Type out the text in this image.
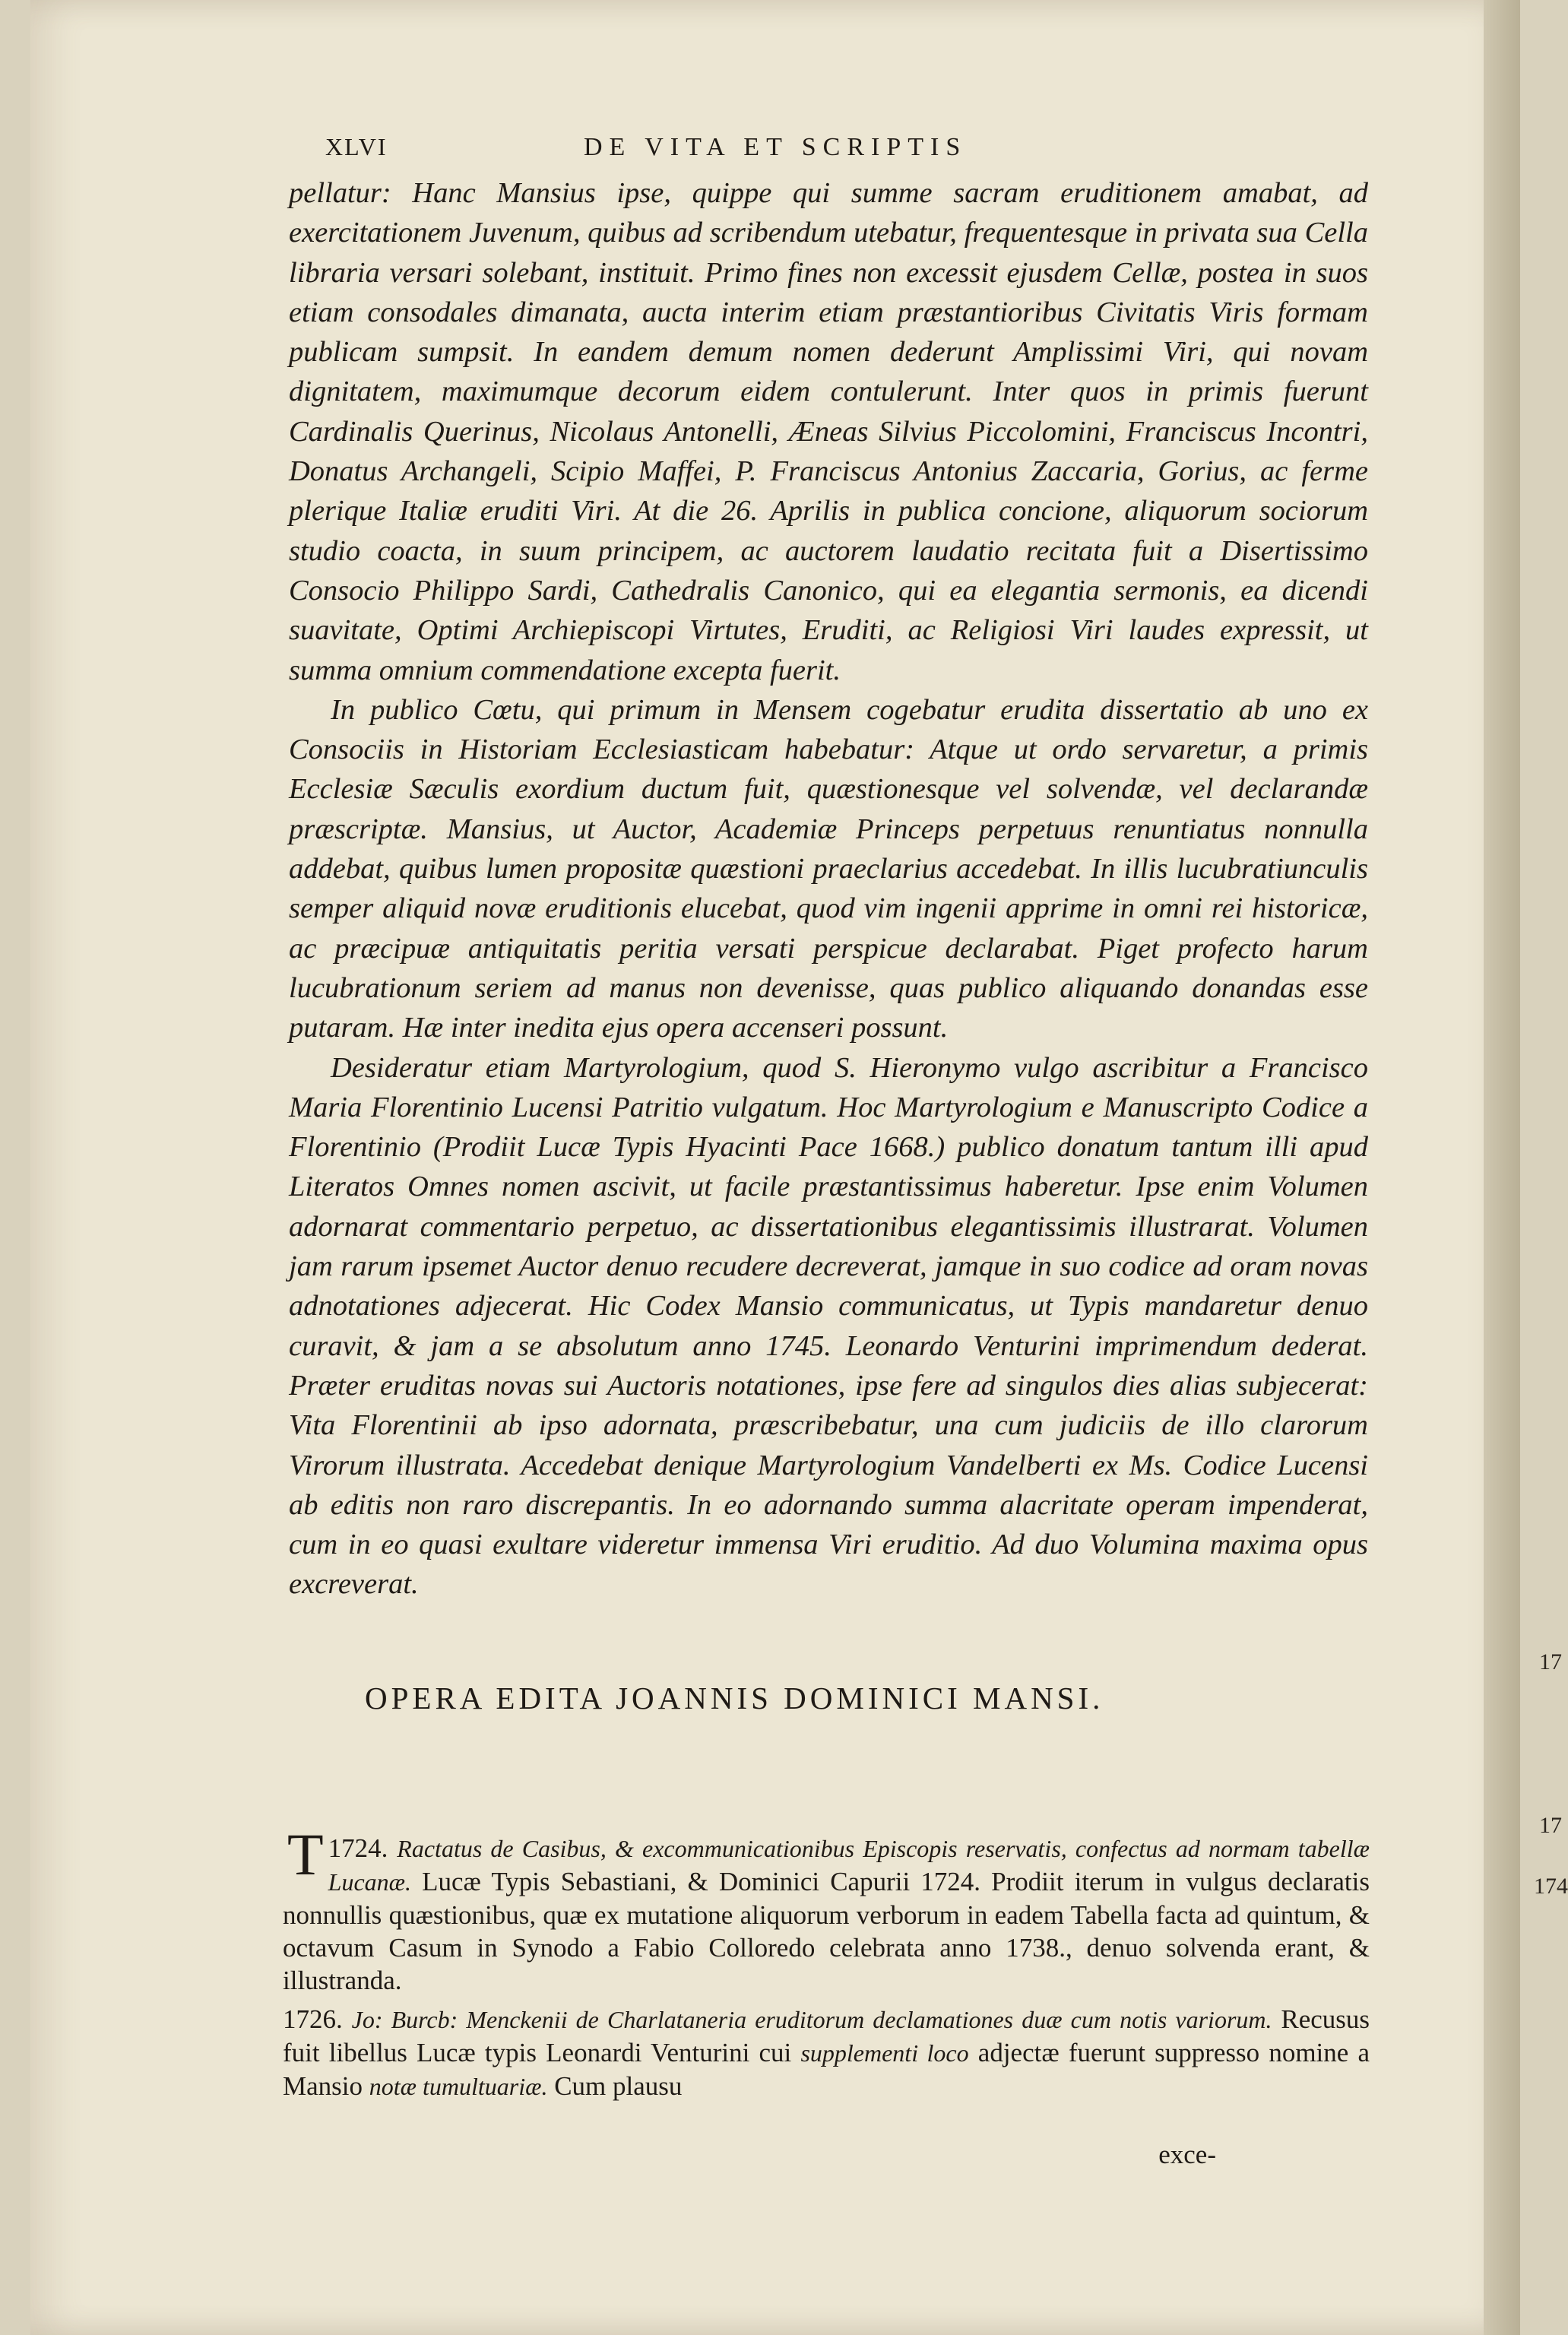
XLVI	DE VITA ET SCRIPTIS

pellatur: Hanc Mansius ipse, quippe qui summe sacram eruditionem amabat, ad exercitationem Juvenum, quibus ad scribendum utebatur, frequentesque in privata sua Cella libraria versari solebant, instituit. Primo fines non excessit ejusdem Cellæ, postea in suos etiam consodales dimanata, aucta interim etiam præstantioribus Civitatis Viris formam publicam sumpsit. In eandem demum nomen dederunt Amplissimi Viri, qui novam dignitatem, maximumque decorum eidem contulerunt. Inter quos in primis fuerunt Cardinalis Querinus, Nicolaus Antonelli, Æneas Silvius Piccolomini, Franciscus Incontri, Donatus Archangeli, Scipio Maffei, P. Franciscus Antonius Zaccaria, Gorius, ac ferme plerique Italiæ eruditi Viri. At die 26. Aprilis in publica concione, aliquorum sociorum studio coacta, in suum principem, ac auctorem laudatio recitata fuit a Disertissimo Consocio Philippo Sardi, Cathedralis Canonico, qui ea elegantia sermonis, ea dicendi suavitate, Optimi Archiepiscopi Virtutes, Eruditi, ac Religiosi Viri laudes expressit, ut summa omnium commendatione excepta fuerit.

In publico Cœtu, qui primum in Mensem cogebatur erudita dissertatio ab uno ex Consociis in Historiam Ecclesiasticam habebatur: Atque ut ordo servaretur, a primis Ecclesiæ Sæculis exordium ductum fuit, quæstionesque vel solvendæ, vel declarandæ præscriptæ. Mansius, ut Auctor, Academiæ Princeps perpetuus renuntiatus nonnulla addebat, quibus lumen propositæ quæstioni praeclarius accedebat. In illis lucubratiunculis semper aliquid novæ eruditionis elucebat, quod vim ingenii apprime in omni rei historicæ, ac præcipuæ antiquitatis peritia versati perspicue declarabat. Piget profecto harum lucubrationum seriem ad manus non devenisse, quas publico aliquando donandas esse putaram. Hæ inter inedita ejus opera accenseri possunt.

Desideratur etiam Martyrologium, quod S. Hieronymo vulgo ascribitur a Francisco Maria Florentinio Lucensi Patritio vulgatum. Hoc Martyrologium e Manuscripto Codice a Florentinio (Prodiit Lucæ Typis Hyacinti Pace 1668.) publico donatum tantum illi apud Literatos Omnes nomen ascivit, ut facile præstantissimus haberetur. Ipse enim Volumen adornarat commentario perpetuo, ac dissertationibus elegantissimis illustrarat. Volumen jam rarum ipsemet Auctor denuo recudere decreverat, jamque in suo codice ad oram novas adnotationes adjecerat. Hic Codex Mansio communicatus, ut Typis mandaretur denuo curavit, & jam a se absolutum anno 1745. Leonardo Venturini imprimendum dederat. Præter eruditas novas sui Auctoris notationes, ipse fere ad singulos dies alias subjecerat: Vita Florentinii ab ipso adornata, præscribebatur, una cum judiciis de illo clarorum Virorum illustrata. Accedebat denique Martyrologium Vandelberti ex Ms. Codice Lucensi ab editis non raro discrepantis. In eo adornando summa alacritate operam impenderat, cum in eo quasi exultare videretur immensa Viri eruditio. Ad duo Volumina maxima opus excreverat.

OPERA EDITA JOANNIS DOMINICI MANSI.

1724.
T	Ractatus de Casibus, & excommunicationibus Episcopis reservatis, confectus ad normam tabellæ Lucanæ. Lucæ Typis Sebastiani, & Dominici Capurii 1724. Prodiit iterum in vulgus declaratis nonnullis quæstionibus, quæ ex mutatione aliquorum verborum in eadem Tabella facta ad quintum, & octavum Casum in Synodo a Fabio Colloredo celebrata anno 1738., denuo solvenda erant, & illustranda.

1726. Jo: Burcb: Menckenii de Charlataneria eruditorum declamationes duæ cum notis variorum. Recusus fuit libellus Lucæ typis Leonardi Venturini cui supplementi loco adjectæ fuerunt suppresso nomine a Mansio notæ tumultuariæ. Cum plausu

exce-
17
17
174
